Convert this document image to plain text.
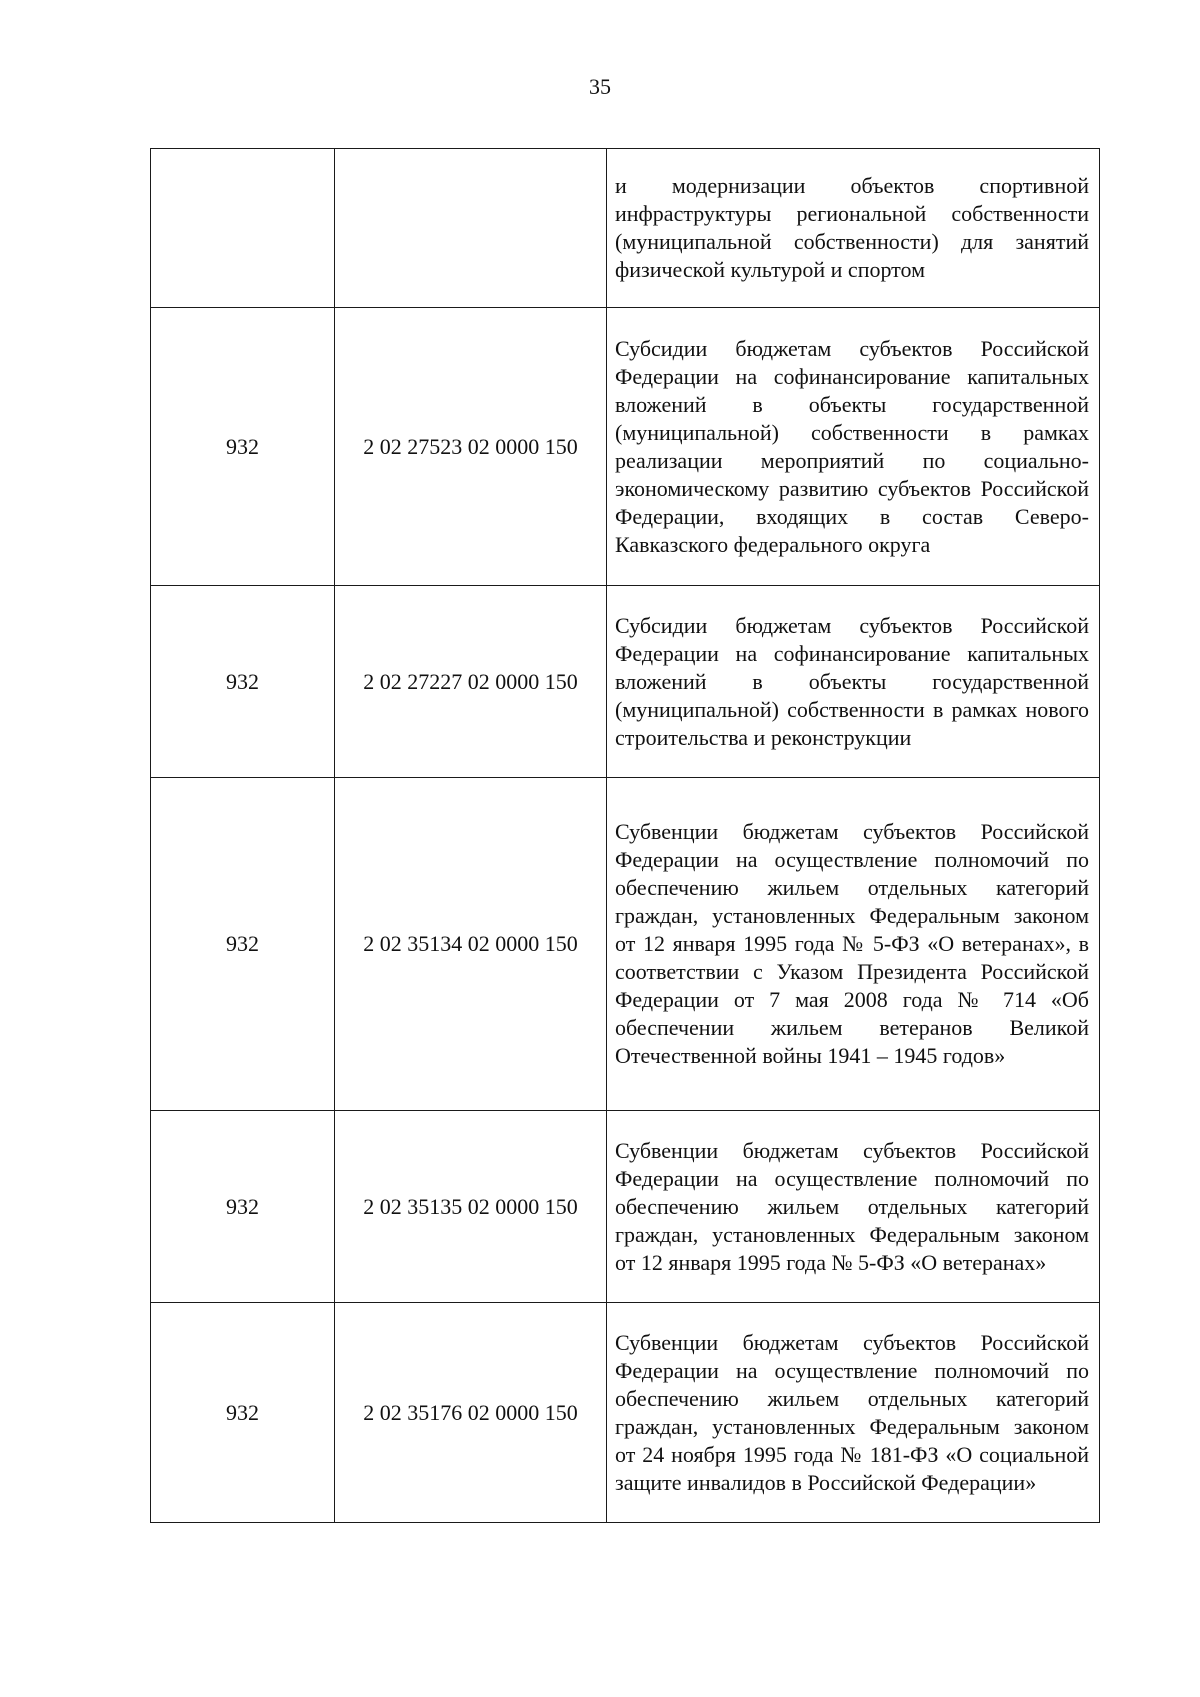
35

		и модернизации объектов спортивной инфраструктуры региональной собственности (муниципальной собственности) для занятий физической культурой и спортом

932	2 02 27523 02 0000 150	Субсидии бюджетам субъектов Российской Федерации на софинансирование капитальных вложений в объекты государственной (муниципальной) собственности в рамках реализации мероприятий по социально-экономическому развитию субъектов Российской Федерации, входящих в состав Северо-Кавказского федерального округа

932	2 02 27227 02 0000 150	Субсидии бюджетам субъектов Российской Федерации на софинансирование капитальных вложений в объекты государственной (муниципальной) собственности в рамках нового строительства и реконструкции

932	2 02 35134 02 0000 150	Субвенции бюджетам субъектов Российской Федерации на осуществление полномочий по обеспечению жильем отдельных категорий граждан, установленных Федеральным законом от 12 января 1995 года № 5-ФЗ «О ветеранах», в соответствии с Указом Президента Российской Федерации от 7 мая 2008 года № 714 «Об обеспечении жильем ветеранов Великой Отечественной войны 1941 – 1945 годов»

932	2 02 35135 02 0000 150	Субвенции бюджетам субъектов Российской Федерации на осуществление полномочий по обеспечению жильем отдельных категорий граждан, установленных Федеральным законом от 12 января 1995 года № 5-ФЗ «О ветеранах»

932	2 02 35176 02 0000 150	Субвенции бюджетам субъектов Российской Федерации на осуществление полномочий по обеспечению жильем отдельных категорий граждан, установленных Федеральным законом от 24 ноября 1995 года № 181-ФЗ «О социальной защите инвалидов в Российской Федерации»
